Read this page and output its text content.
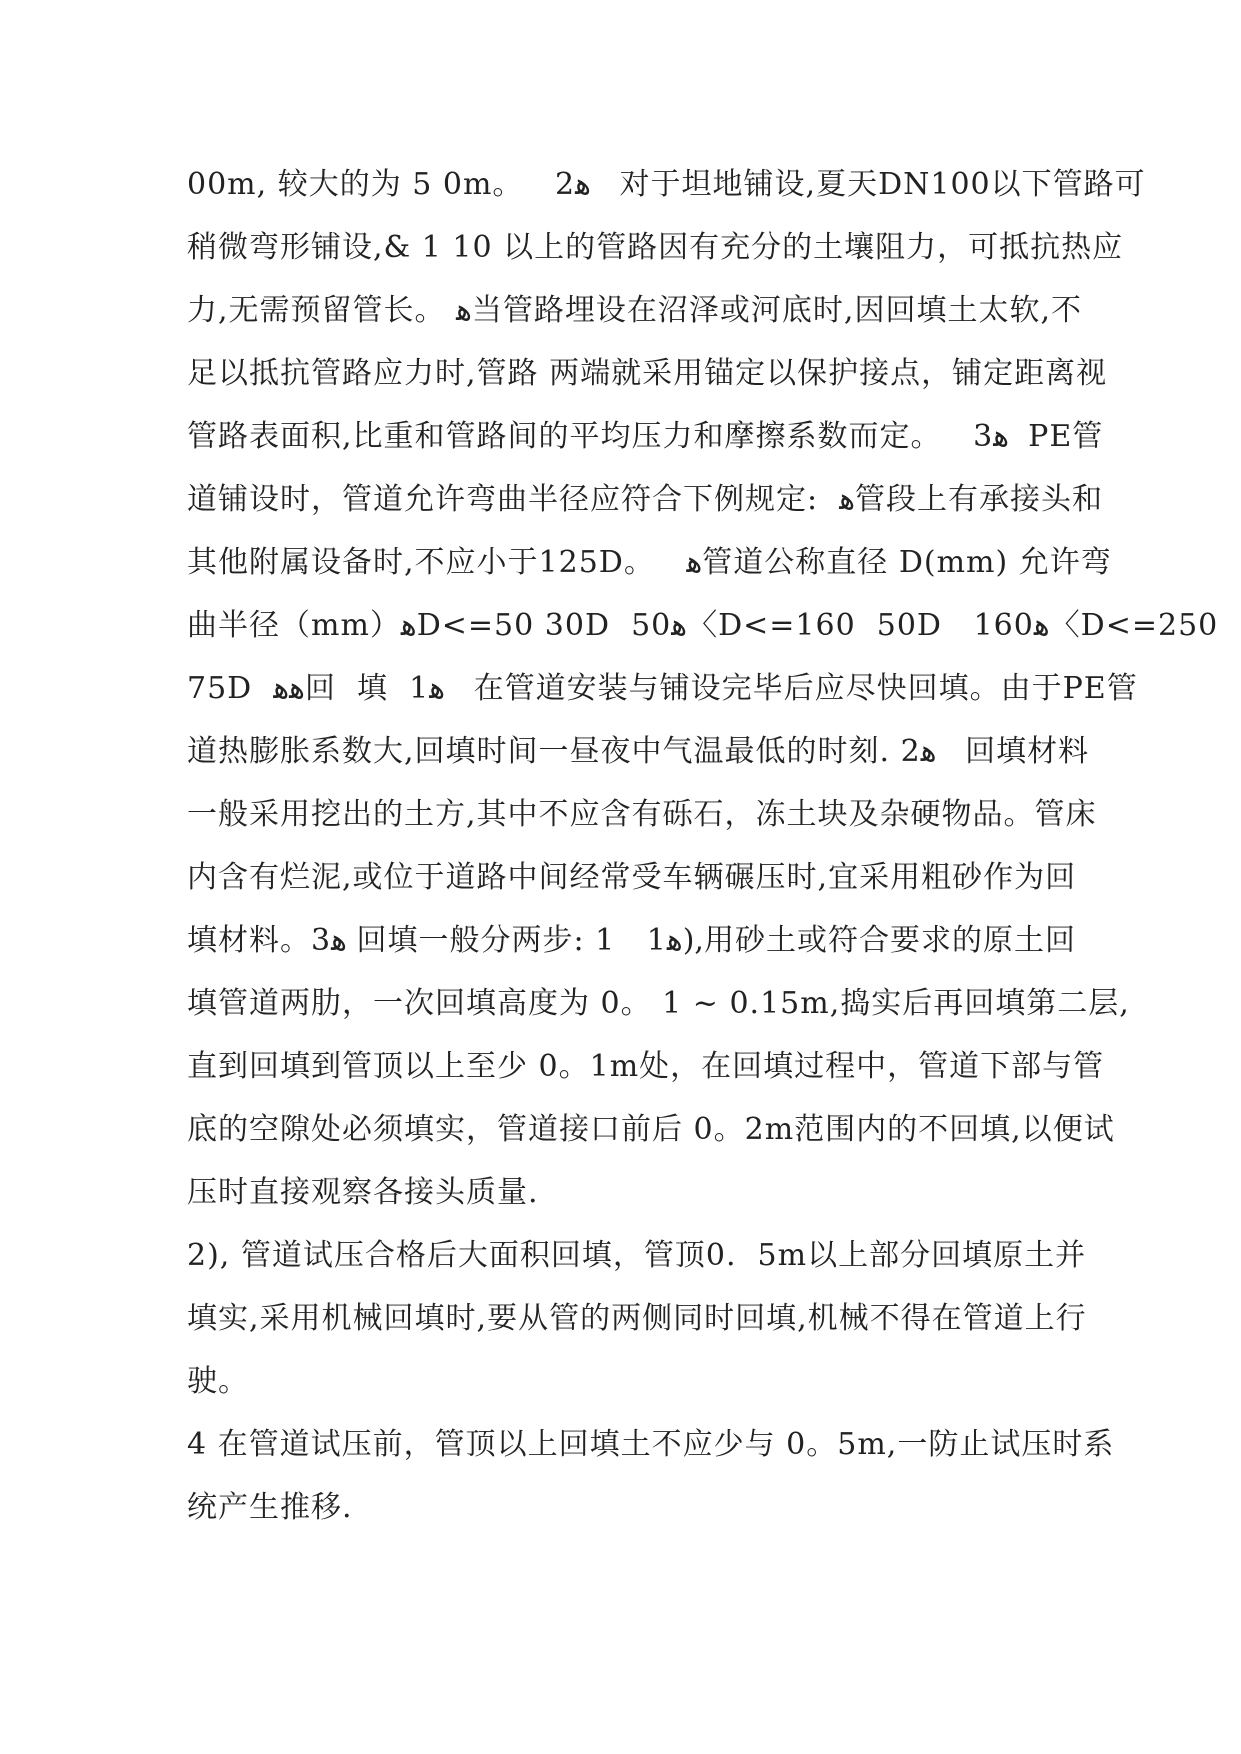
00m, 较大的为 5 0m。   2ﻫ   对于坦地铺设,夏天DN100以下管路可
稍微弯形铺设,& 1 10 以上的管路因有充分的土壤阻力，可抵抗热应
力,无需预留管长。 ﻫ当管路埋设在沼泽或河底时,因回填土太软,不
足以抵抗管路应力时,管路 两端就采用锚定以保护接点，铺定距离视
管路表面积,比重和管路间的平均压力和摩擦系数而定。   3ﻫ  PE管
道铺设时，管道允许弯曲半径应符合下例规定:  ﻫ管段上有承接头和
其他附属设备时,不应小于125D。   ﻫ管道公称直径 D(mm) 允许弯
曲半径（mm）ﻫD<=50 30D  50ﻫ〈D<=160  50D   160ﻫ〈D<=250
75D  ﻫﻫ回  填  1ﻫ   在管道安装与铺设完毕后应尽快回填。由于PE管
道热膨胀系数大,回填时间一昼夜中气温最低的时刻. 2ﻫ   回填材料
一般采用挖出的土方,其中不应含有砾石，冻土块及杂硬物品。管床
内含有烂泥,或位于道路中间经常受车辆碾压时,宜采用粗砂作为回
填材料。3ﻫ 回填一般分两步: 1   1ﻫ),用砂土或符合要求的原土回
填管道两肋，一次回填高度为 0。 1 ~ 0.15m,捣实后再回填第二层,
直到回填到管顶以上至少 0。1m处，在回填过程中，管道下部与管
底的空隙处必须填实，管道接口前后 0。2m范围内的不回填,以便试
压时直接观察各接头质量.
2), 管道试压合格后大面积回填，管顶0.  5m以上部分回填原土并
填实,采用机械回填时,要从管的两侧同时回填,机械不得在管道上行
驶。
4 在管道试压前，管顶以上回填土不应少与 0。5m,一防止试压时系
统产生推移.
